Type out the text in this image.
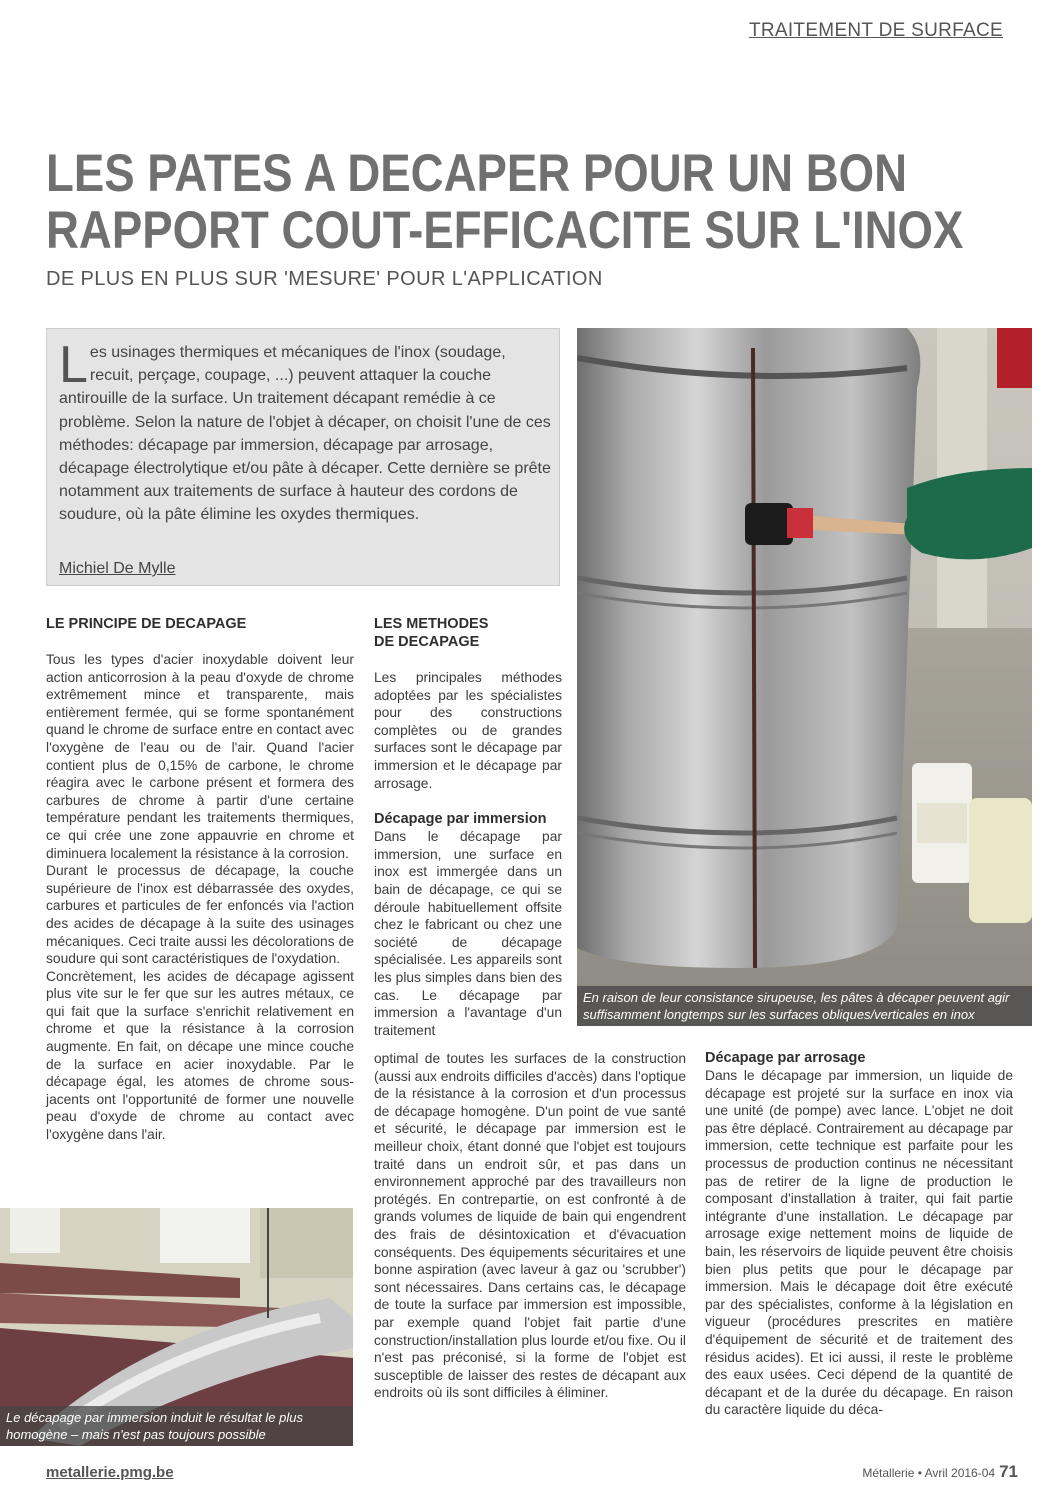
TRAITEMENT DE SURFACE
LES PATES A DECAPER POUR UN BON
RAPPORT COUT-EFFICACITE SUR L'INOX
DE PLUS EN PLUS SUR 'MESURE' POUR L'APPLICATION
Les usinages thermiques et mécaniques de l'inox (soudage, recuit, perçage, coupage, ...) peuvent attaquer la couche antirouille de la surface. Un traitement décapant remédie à ce problème. Selon la nature de l'objet à décaper, on choisit l'une de ces méthodes: décapage par immersion, décapage par arrosage, décapage électrolytique et/ou pâte à décaper. Cette dernière se prête notamment aux traitements de surface à hauteur des cordons de soudure, où la pâte élimine les oxydes thermiques.
Michiel De Mylle
En raison de leur consistance sirupeuse, les pâtes à décaper peuvent agir suffisamment longtemps sur les surfaces obliques/verticales en inox
LE PRINCIPE DE DECAPAGE

Tous les types d'acier inoxydable doivent leur action anticorrosion à la peau d'oxyde de chrome extrêmement mince et transparente, mais entièrement fermée, qui se forme spontanément quand le chrome de surface entre en contact avec l'oxygène de l'eau ou de l'air. Quand l'acier contient plus de 0,15% de carbone, le chrome réagira avec le carbone présent et formera des carbures de chrome à partir d'une certaine température pendant les traitements thermiques, ce qui crée une zone appauvrie en chrome et diminuera localement la résistance à la corrosion.

Durant le processus de décapage, la couche supérieure de l'inox est débarrassée des oxydes, carbures et particules de fer enfoncés via l'action des acides de décapage à la suite des usinages mécaniques. Ceci traite aussi les décolorations de soudure qui sont caractéristiques de l'oxydation.

Concrètement, les acides de décapage agissent plus vite sur le fer que sur les autres métaux, ce qui fait que la surface s'enrichit relativement en chrome et que la résistance à la corrosion augmente. En fait, on décape une mince couche de la surface en acier inoxydable. Par le décapage égal, les atomes de chrome sous-jacents ont l'opportunité de former une nouvelle peau d'oxyde de chrome au contact avec l'oxygène dans l'air.

Le décapage par immersion induit le résultat le plus homogène – mais n'est pas toujours possible
LES METHODES
DE DECAPAGE

Les principales méthodes adoptées par les spécialistes pour des constructions complètes ou de grandes surfaces sont le décapage par immersion et le décapage par arrosage.

Décapage par immersion

Dans le décapage par immersion, une surface en inox est immergée dans un bain de décapage, ce qui se déroule habituellement offsite chez le fabricant ou chez une société de décapage spécialisée. Les appareils sont les plus simples dans bien des cas. Le décapage par immersion a l'avantage d'un traitement

optimal de toutes les surfaces de la construction (aussi aux endroits difficiles d'accès) dans l'optique de la résistance à la corrosion et d'un processus de décapage homogène. D'un point de vue santé et sécurité, le décapage par immersion est le meilleur choix, étant donné que l'objet est toujours traité dans un endroit sûr, et pas dans un environnement approché par des travailleurs non protégés. En contrepartie, on est confronté à de grands volumes de liquide de bain qui engendrent des frais de désintoxication et d'évacuation conséquents. Des équipements sécuritaires et une bonne aspiration (avec laveur à gaz ou 'scrubber') sont nécessaires. Dans certains cas, le décapage de toute la surface par immersion est impossible, par exemple quand l'objet fait partie d'une construction/installation plus lourde et/ou fixe. Ou il n'est pas préconisé, si la forme de l'objet est susceptible de laisser des restes de décapant aux endroits où ils sont difficiles à éliminer.

Décapage par arrosage

Dans le décapage par immersion, un liquide de décapage est projeté sur la surface en inox via une unité (de pompe) avec lance. L'objet ne doit pas être déplacé. Contrairement au décapage par immersion, cette technique est parfaite pour les processus de production continus ne nécessitant pas de retirer de la ligne de production le composant d'installation à traiter, qui fait partie intégrante d'une installation. Le décapage par arrosage exige nettement moins de liquide de bain, les réservoirs de liquide peuvent être choisis bien plus petits que pour le décapage par immersion. Mais le décapage doit être exécuté par des spécialistes, conforme à la législation en vigueur (procédures prescrites en matière d'équipement de sécurité et de traitement des résidus acides). Et ici aussi, il reste le problème des eaux usées. Ceci dépend de la quantité de décapant et de la durée du décapage. En raison du caractère liquide du déca-

metallerie.pmg.be	Métallerie • Avril 2016-04 71
